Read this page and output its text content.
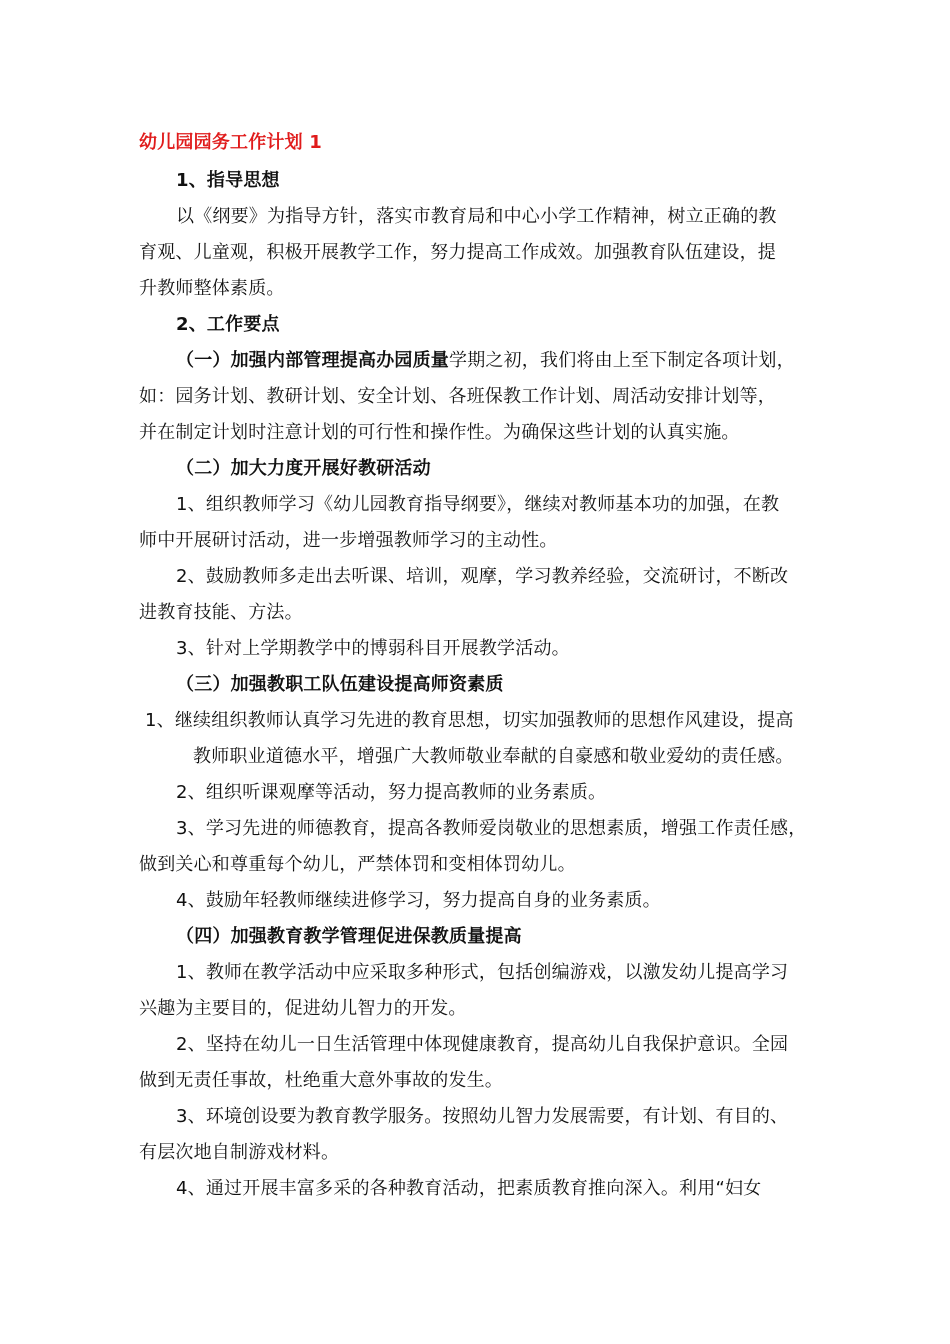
幼儿园园务工作计划 1
1、指导思想
以《纲要》为指导方针，落实市教育局和中心小学工作精神，树立正确的教
育观、儿童观，积极开展教学工作，努力提高工作成效。加强教育队伍建设，提
升教师整体素质。
2、工作要点
（一）加强内部管理提高办园质量学期之初，我们将由上至下制定各项计划，
如：园务计划、教研计划、安全计划、各班保教工作计划、周活动安排计划等，
并在制定计划时注意计划的可行性和操作性。为确保这些计划的认真实施。
（二）加大力度开展好教研活动
1、组织教师学习《幼儿园教育指导纲要》，继续对教师基本功的加强，在教
师中开展研讨活动，进一步增强教师学习的主动性。
2、鼓励教师多走出去听课、培训，观摩，学习教养经验，交流研讨，不断改
进教育技能、方法。
3、针对上学期教学中的博弱科目开展教学活动。
（三）加强教职工队伍建设提高师资素质
1、继续组织教师认真学习先进的教育思想，切实加强教师的思想作风建设，提高
教师职业道德水平，增强广大教师敬业奉献的自豪感和敬业爱幼的责任感。
2、组织听课观摩等活动，努力提高教师的业务素质。
3、学习先进的师德教育，提高各教师爱岗敬业的思想素质，增强工作责任感，
做到关心和尊重每个幼儿，严禁体罚和变相体罚幼儿。
4、鼓励年轻教师继续进修学习，努力提高自身的业务素质。
（四）加强教育教学管理促进保教质量提高
1、教师在教学活动中应采取多种形式，包括创编游戏，以激发幼儿提高学习
兴趣为主要目的，促进幼儿智力的开发。
2、坚持在幼儿一日生活管理中体现健康教育，提高幼儿自我保护意识。全园
做到无责任事故，杜绝重大意外事故的发生。
3、环境创设要为教育教学服务。按照幼儿智力发展需要，有计划、有目的、
有层次地自制游戏材料。
4、通过开展丰富多采的各种教育活动，把素质教育推向深入。利用“妇女
